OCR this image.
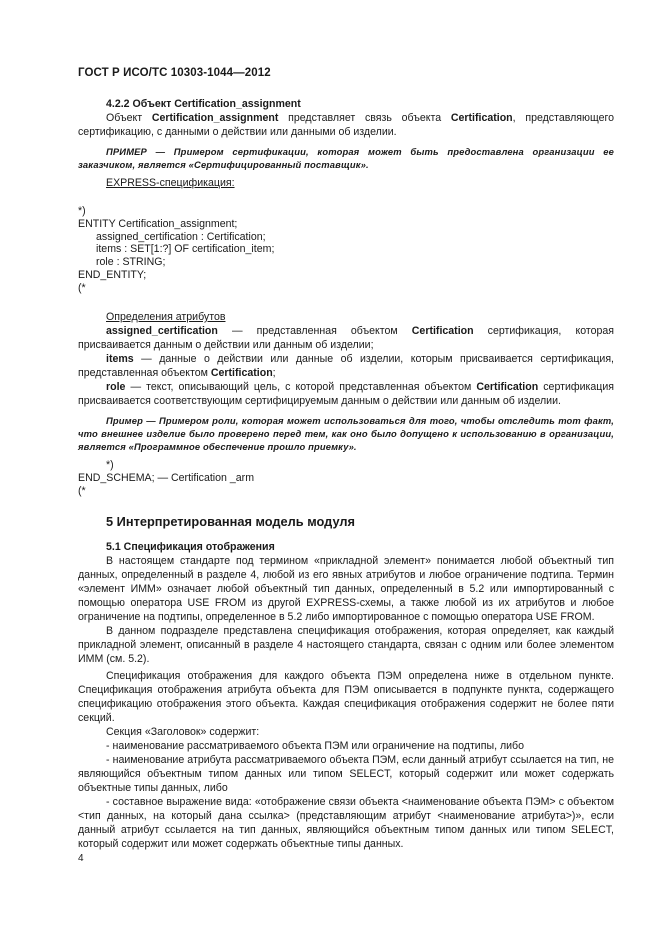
ГОСТ Р ИСО/ТС 10303-1044—2012

4.2.2 Объект Certification_assignment

Объект Certification_assignment представляет связь объекта Certification, представляющего сертификацию, с данными о действии или данными об изделии.

ПРИМЕР — Примером сертификации, которая может быть предоставлена организации ее заказчиком, является «Сертифицированный поставщик».

EXPRESS-спецификация:

*)
ENTITY Certification_assignment;
assigned_certification : Certification;
items : SET[1:?] OF certification_item;
role : STRING;
END_ENTITY;
(*

Определения атрибутов

assigned_certification — представленная объектом Certification сертификация, которая присваивается данным о действии или данным об изделии;

items — данные о действии или данные об изделии, которым присваивается сертификация, представленная объектом Certification;

role — текст, описывающий цель, с которой представленная объектом Certification сертификация присваивается соответствующим сертифицируемым данным о действии или данным об изделии.

Пример — Примером роли, которая может использоваться для того, чтобы отследить тот факт, что внешнее изделие было проверено перед тем, как оно было допущено к использованию в организации, является «Программное обеспечение прошло приемку».
*)
END_SCHEMA; — Certification _arm
(*
5 Интерпретированная модель модуля

5.1 Спецификация отображения

В настоящем стандарте под термином «прикладной элемент» понимается любой объектный тип данных, определенный в разделе 4, любой из его явных атрибутов и любое ограничение подтипа. Термин «элемент ИММ» означает любой объектный тип данных, определенный в 5.2 или импортированный с помощью оператора USE FROM из другой EXPRESS-схемы, а также любой из их атрибутов и любое ограничение на подтипы, определенное в 5.2 либо импортированное с помощью оператора USE FROM.

В данном подразделе представлена спецификация отображения, которая определяет, как каждый прикладной элемент, описанный в разделе 4 настоящего стандарта, связан с одним или более элементом ИММ (см. 5.2).

Спецификация отображения для каждого объекта ПЭМ определена ниже в отдельном пункте. Спецификация отображения атрибута объекта для ПЭМ описывается в подпункте пункта, содержащего спецификацию отображения этого объекта. Каждая спецификация отображения содержит не более пяти секций.

Секция «Заголовок» содержит:

- наименование рассматриваемого объекта ПЭМ или ограничение на подтипы, либо

- наименование атрибута рассматриваемого объекта ПЭМ, если данный атрибут ссылается на тип, не являющийся объектным типом данных или типом SELECT, который содержит или может содержать объектные типы данных, либо

- составное выражение вида: «отображение связи объекта <наименование объекта ПЭМ> с объектом <тип данных, на который дана ссылка> (представляющим атрибут <наименование атрибута>)», если данный атрибут ссылается на тип данных, являющийся объектным типом данных или типом SELECT, который содержит или может содержать объектные типы данных.

4
